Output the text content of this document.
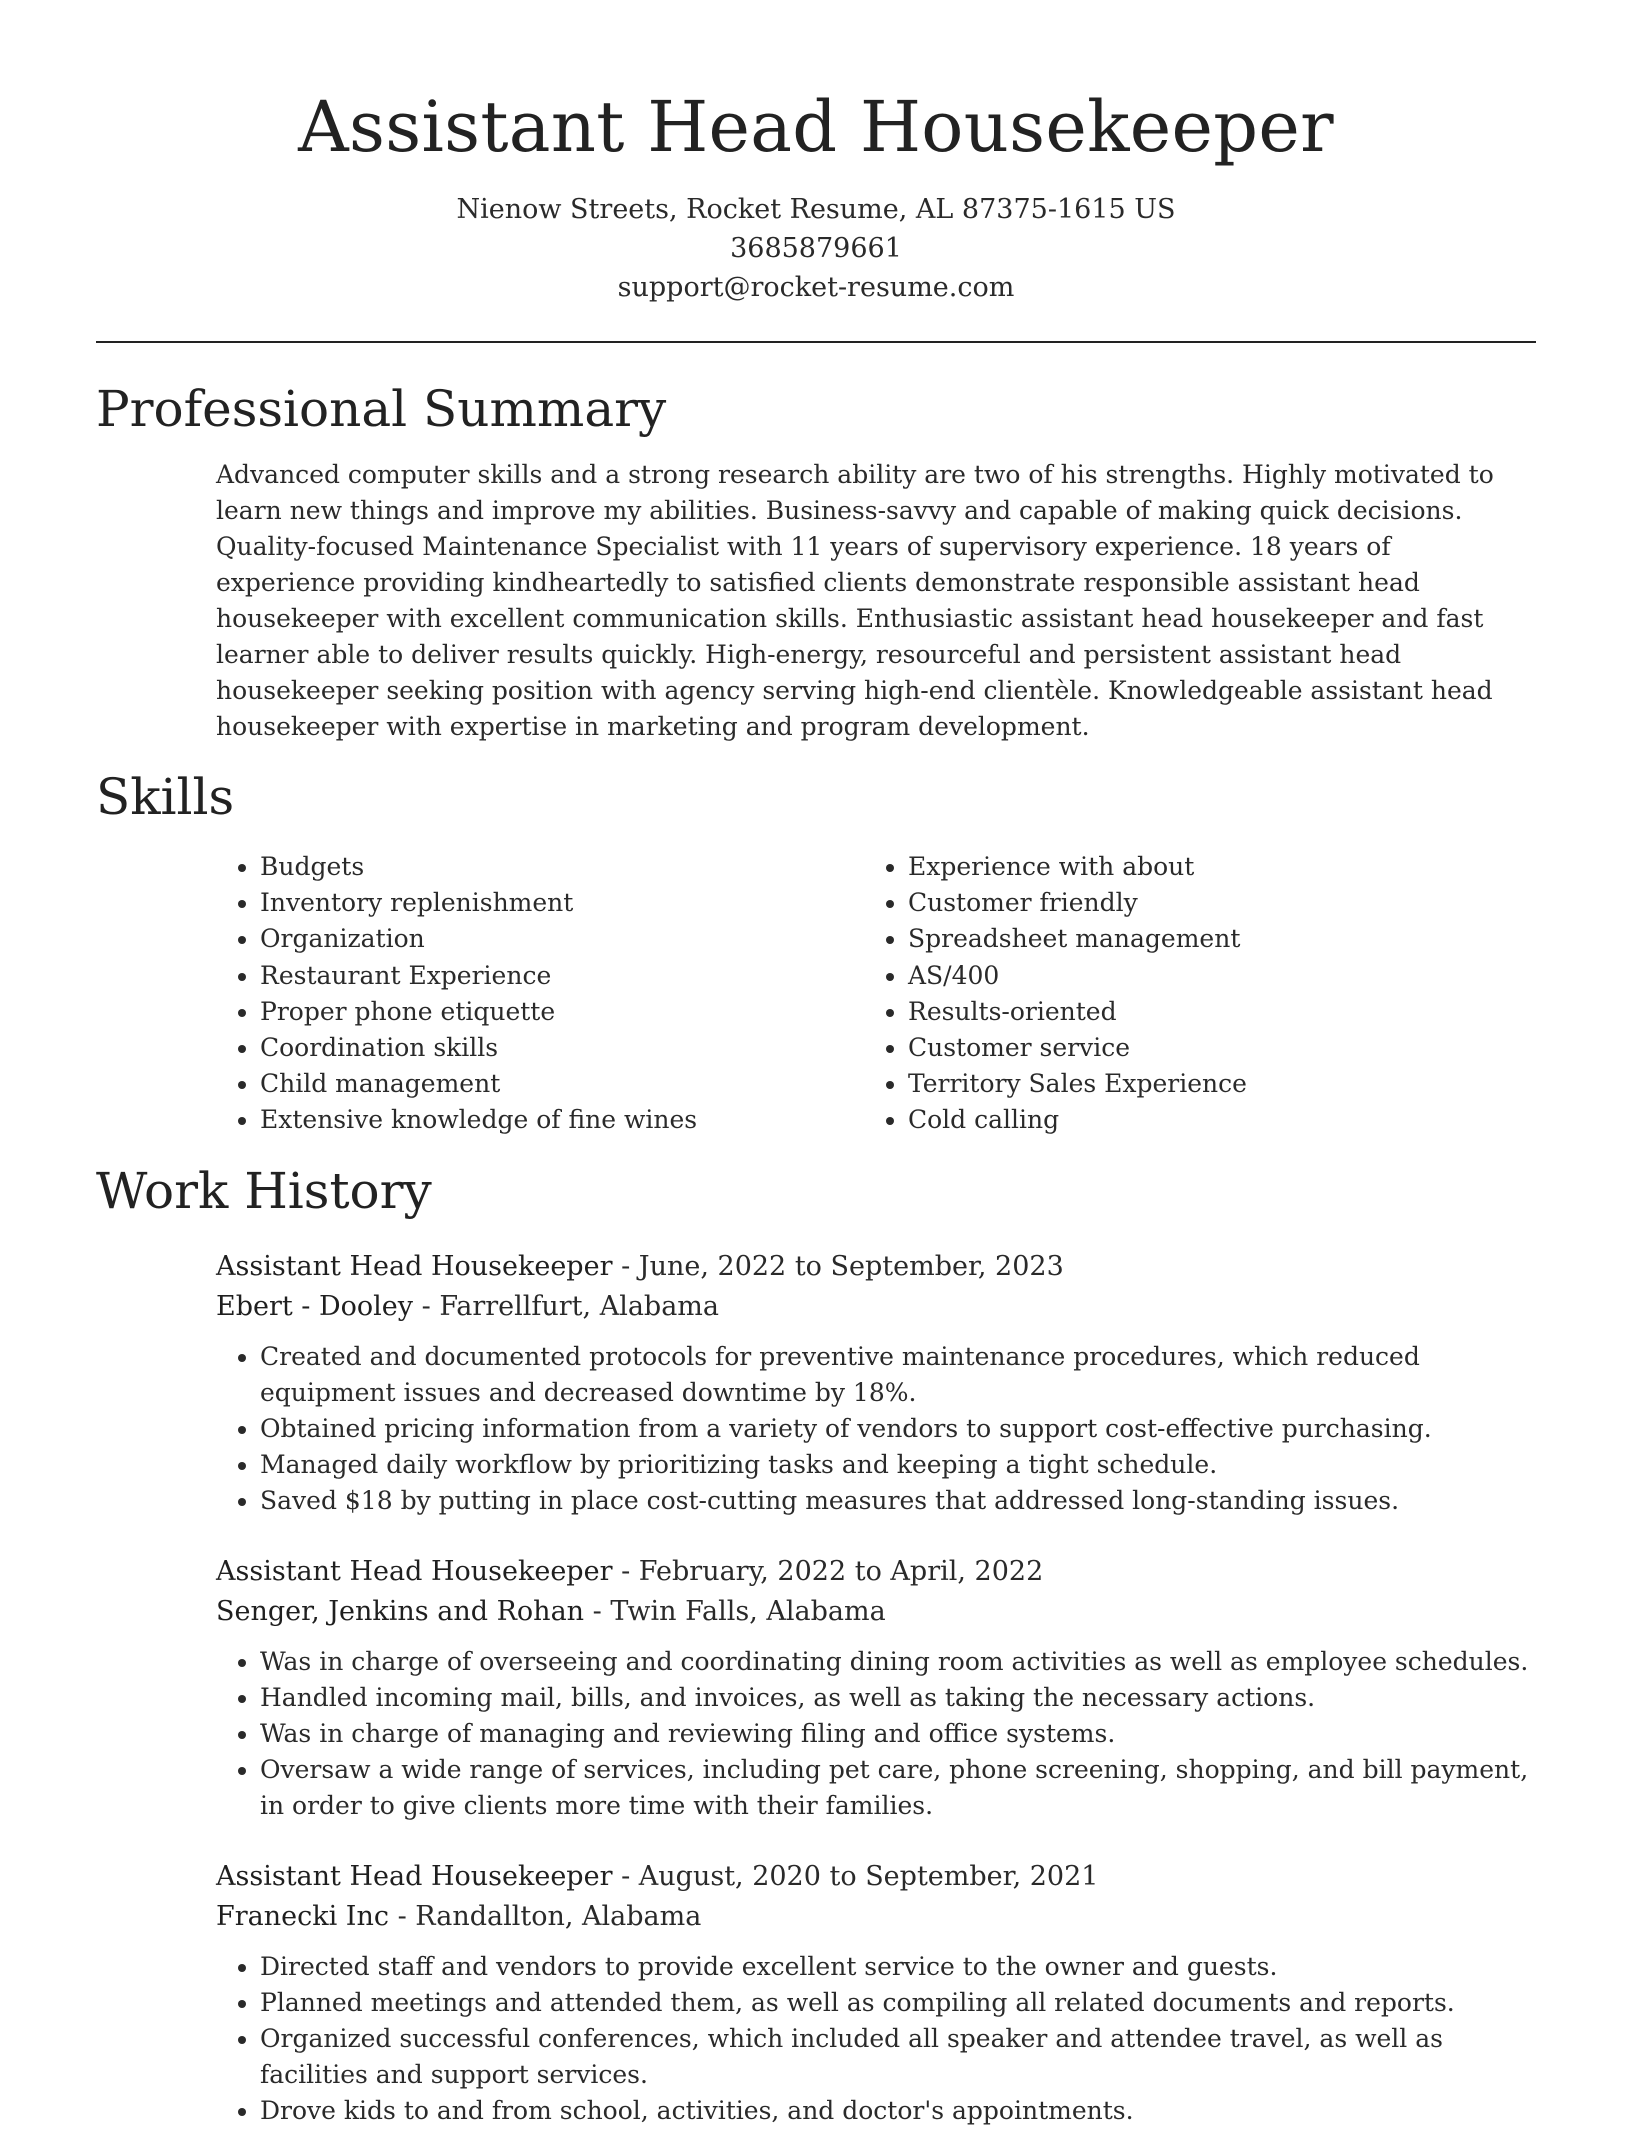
Assistant Head Housekeeper
Nienow Streets, Rocket Resume, AL 87375-1615 US
3685879661
support@rocket-resume.com
Professional Summary

Advanced computer skills and a strong research ability are two of his strengths. Highly motivated to learn new things and improve my abilities. Business-savvy and capable of making quick decisions. Quality-focused Maintenance Specialist with 11 years of supervisory experience. 18 years of experience providing kindheartedly to satisfied clients demonstrate responsible assistant head housekeeper with excellent communication skills. Enthusiastic assistant head housekeeper and fast learner able to deliver results quickly. High-energy, resourceful and persistent assistant head housekeeper seeking position with agency serving high-end clientèle. Knowledgeable assistant head housekeeper with expertise in marketing and program development.

Skills
• Budgets
• Inventory replenishment
• Organization
• Restaurant Experience
• Proper phone etiquette
• Coordination skills
• Child management
• Extensive knowledge of fine wines
• Experience with about
• Customer friendly
• Spreadsheet management
• AS/400
• Results-oriented
• Customer service
• Territory Sales Experience
• Cold calling
Work History
Assistant Head Housekeeper - June, 2022 to September, 2023
Ebert - Dooley - Farrellfurt, Alabama
• Created and documented protocols for preventive maintenance procedures, which reduced equipment issues and decreased downtime by 18%.
• Obtained pricing information from a variety of vendors to support cost-effective purchasing.
• Managed daily workflow by prioritizing tasks and keeping a tight schedule.
• Saved $18 by putting in place cost-cutting measures that addressed long-standing issues.
Assistant Head Housekeeper - February, 2022 to April, 2022
Senger, Jenkins and Rohan - Twin Falls, Alabama
• Was in charge of overseeing and coordinating dining room activities as well as employee schedules.
• Handled incoming mail, bills, and invoices, as well as taking the necessary actions.
• Was in charge of managing and reviewing filing and office systems.
• Oversaw a wide range of services, including pet care, phone screening, shopping, and bill payment, in order to give clients more time with their families.
Assistant Head Housekeeper - August, 2020 to September, 2021
Franecki Inc - Randallton, Alabama
• Directed staff and vendors to provide excellent service to the owner and guests.
• Planned meetings and attended them, as well as compiling all related documents and reports.
• Organized successful conferences, which included all speaker and attendee travel, as well as facilities and support services.
• Drove kids to and from school, activities, and doctor's appointments.
